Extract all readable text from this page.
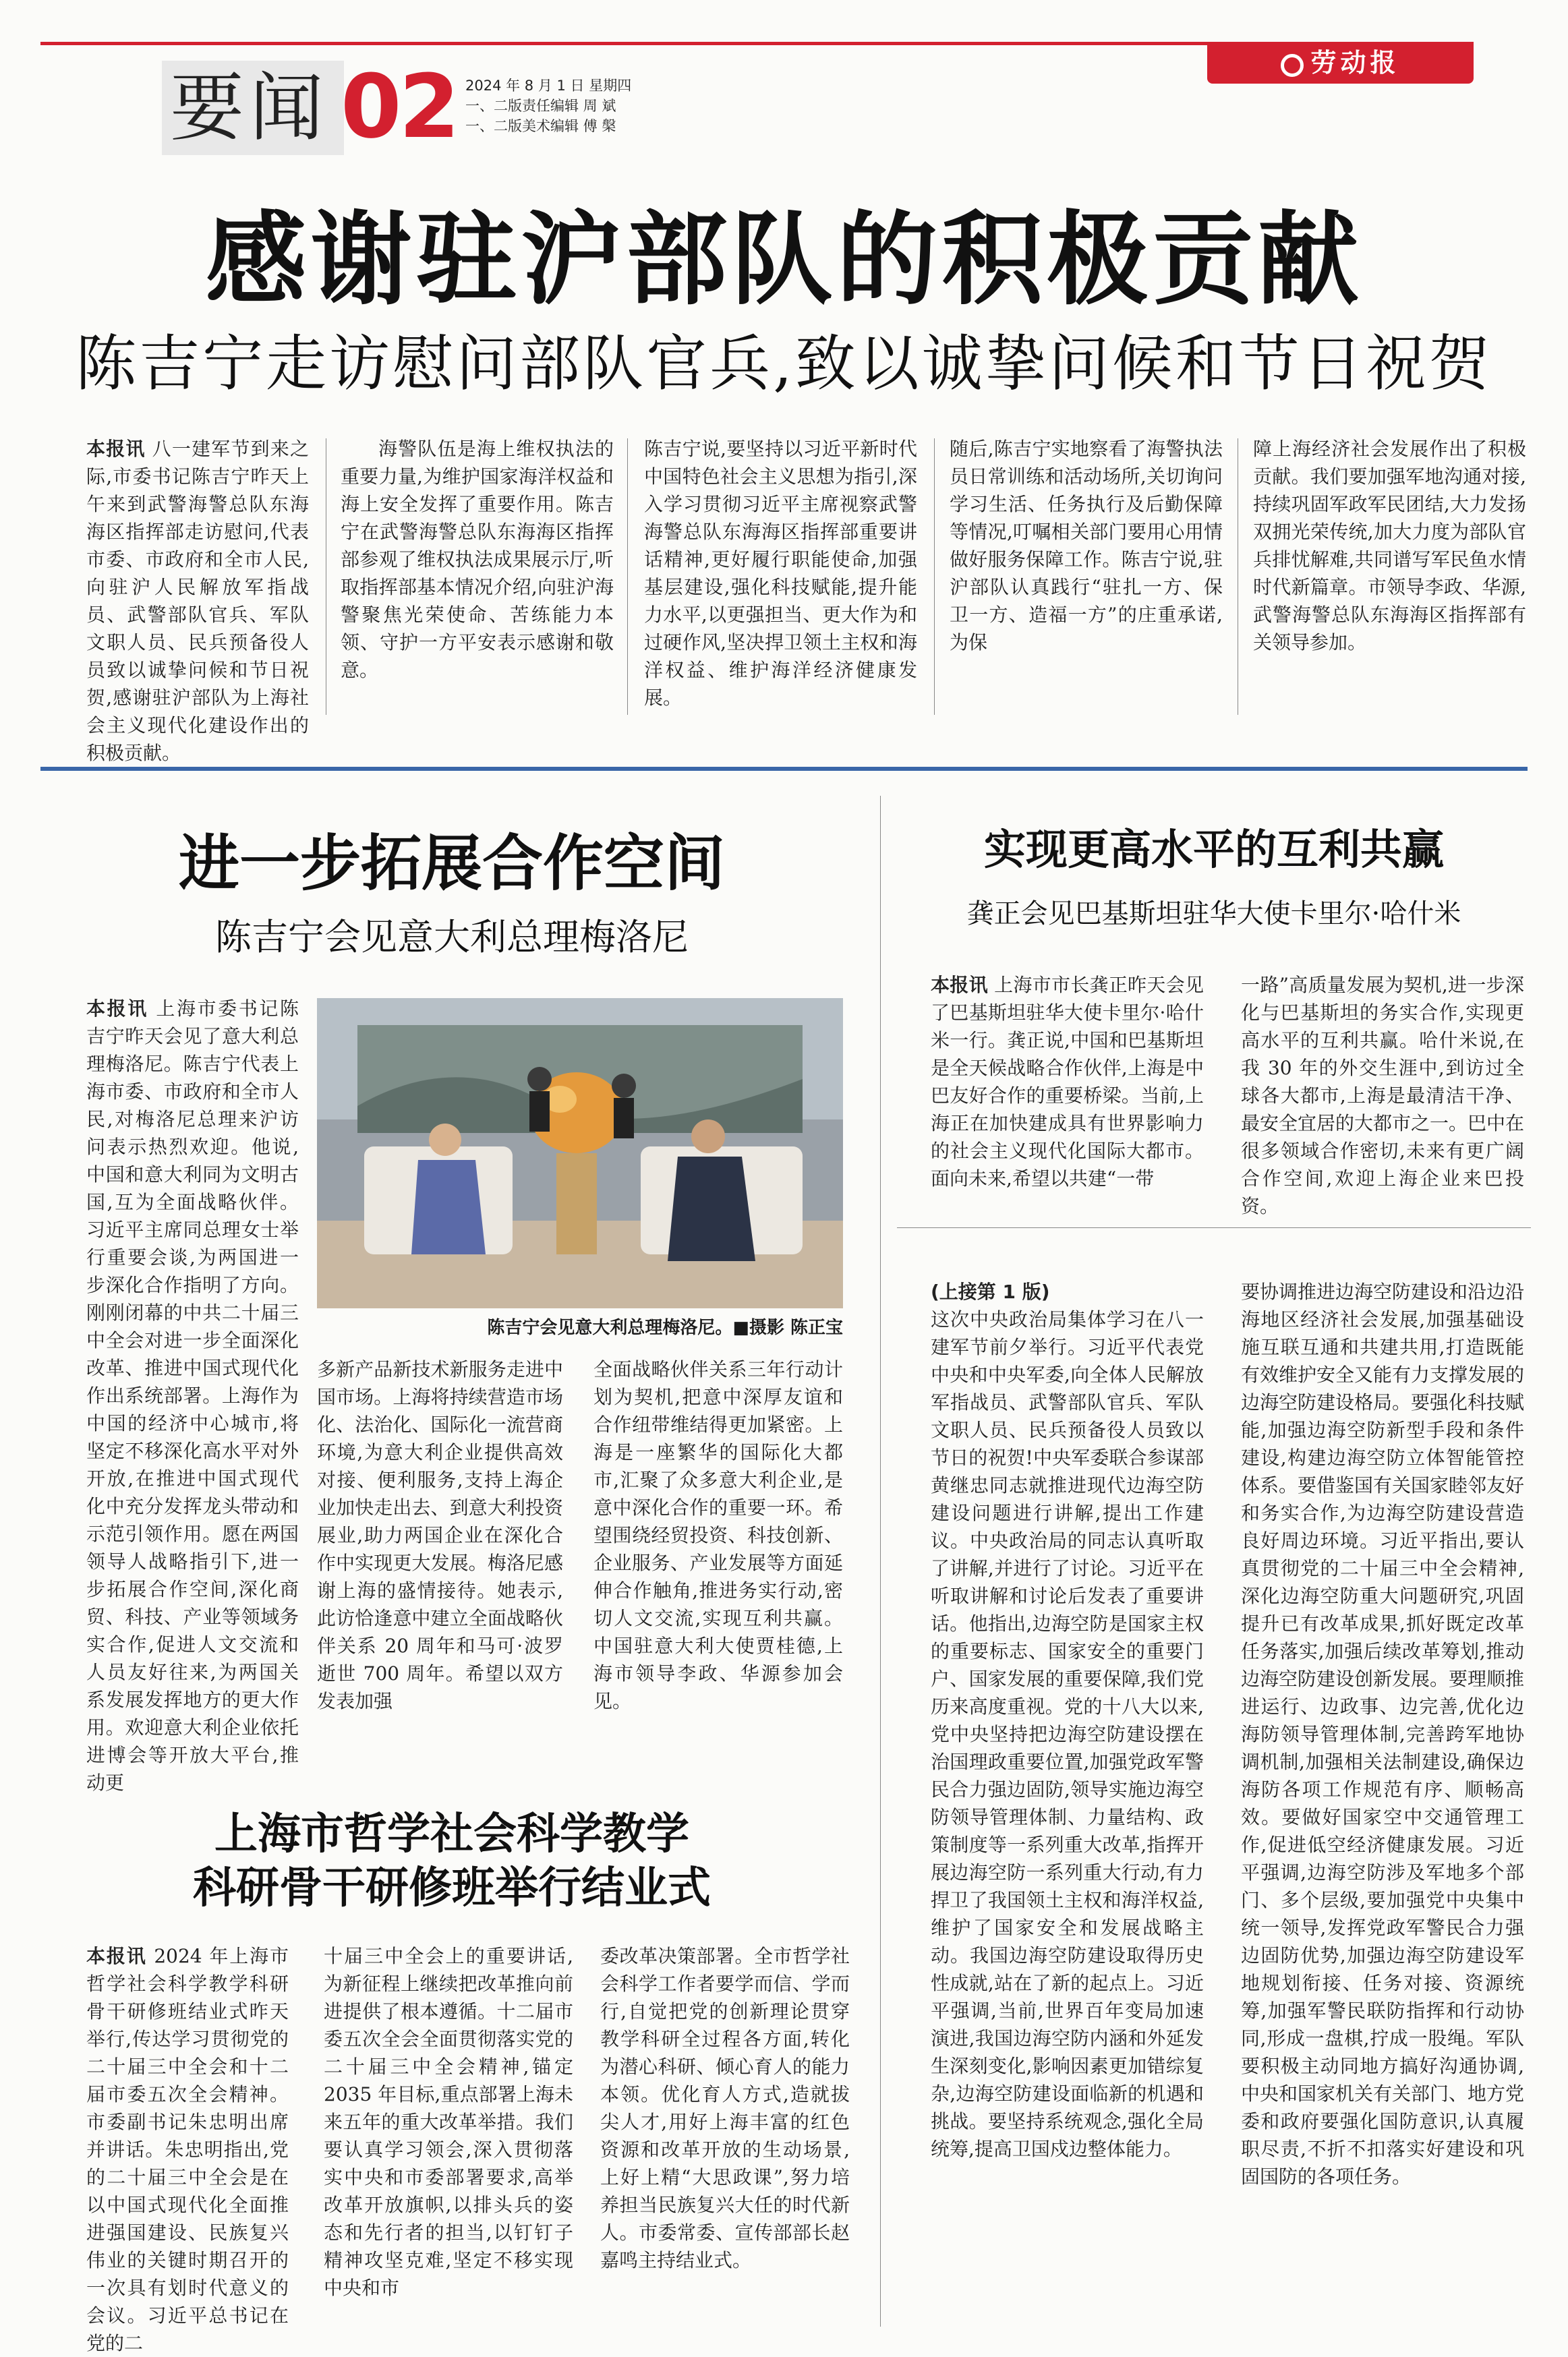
要闻 02 2024 年 8 月 1 日 星期四
一、二版责任编辑 周 斌
一、二版美术编辑 傅 槃
劳动报
感谢驻沪部队的积极贡献
陈吉宁走访慰问部队官兵,致以诚挚问候和节日祝贺
本报讯 八一建军节到来之际,市委书记陈吉宁昨天上午来到武警海警总队东海海区指挥部走访慰问,代表市委、市政府和全市人民,向驻沪人民解放军指战员、武警部队官兵、军队文职人员、民兵预备役人员致以诚挚问候和节日祝贺,感谢驻沪部队为上海社会主义现代化建设作出的积极贡献。
海警队伍是海上维权执法的重要力量,为维护国家海洋权益和海上安全发挥了重要作用。陈吉宁在武警海警总队东海海区指挥部参观了维权执法成果展示厅,听取指挥部基本情况介绍,向驻沪海警聚焦光荣使命、苦练能力本领、守护一方平安表示感谢和敬意。
陈吉宁说,要坚持以习近平新时代中国特色社会主义思想为指引,深入学习贯彻习近平主席视察武警海警总队东海海区指挥部重要讲话精神,更好履行职能使命,加强基层建设,强化科技赋能,提升能力水平,以更强担当、更大作为和过硬作风,坚决捍卫领土主权和海洋权益、维护海洋经济健康发展。
随后,陈吉宁实地察看了海警执法员日常训练和活动场所,关切询问学习生活、任务执行及后勤保障等情况,叮嘱相关部门要用心用情做好服务保障工作。陈吉宁说,驻沪部队认真践行“驻扎一方、保卫一方、造福一方”的庄重承诺,为保
障上海经济社会发展作出了积极贡献。我们要加强军地沟通对接,持续巩固军政军民团结,大力发扬双拥光荣传统,加大力度为部队官兵排忧解难,共同谱写军民鱼水情时代新篇章。市领导李政、华源,武警海警总队东海海区指挥部有关领导参加。
进一步拓展合作空间
陈吉宁会见意大利总理梅洛尼
本报讯 上海市委书记陈吉宁昨天会见了意大利总理梅洛尼。陈吉宁代表上海市委、市政府和全市人民,对梅洛尼总理来沪访问表示热烈欢迎。他说,中国和意大利同为文明古国,互为全面战略伙伴。习近平主席同总理女士举行重要会谈,为两国进一步深化合作指明了方向。刚刚闭幕的中共二十届三中全会对进一步全面深化改革、推进中国式现代化作出系统部署。上海作为中国的经济中心城市,将坚定不移深化高水平对外开放,在推进中国式现代化中充分发挥龙头带动和示范引领作用。愿在两国领导人战略指引下,进一步拓展合作空间,深化商贸、科技、产业等领域务实合作,促进人文交流和人员友好往来,为两国关系发展发挥地方的更大作用。欢迎意大利企业依托进博会等开放大平台,推动更
陈吉宁会见意大利总理梅洛尼。■摄影 陈正宝
多新产品新技术新服务走进中国市场。上海将持续营造市场化、法治化、国际化一流营商环境,为意大利企业提供高效对接、便利服务,支持上海企业加快走出去、到意大利投资展业,助力两国企业在深化合作中实现更大发展。梅洛尼感谢上海的盛情接待。她表示,此访恰逢意中建立全面战略伙伴关系 20 周年和马可·波罗逝世 700 周年。希望以双方发表加强
全面战略伙伴关系三年行动计划为契机,把意中深厚友谊和合作纽带维结得更加紧密。上海是一座繁华的国际化大都市,汇聚了众多意大利企业,是意中深化合作的重要一环。希望围绕经贸投资、科技创新、企业服务、产业发展等方面延伸合作触角,推进务实行动,密切人文交流,实现互利共赢。中国驻意大利大使贾桂德,上海市领导李政、华源参加会见。
实现更高水平的互利共赢
龚正会见巴基斯坦驻华大使卡里尔·哈什米
本报讯 上海市市长龚正昨天会见了巴基斯坦驻华大使卡里尔·哈什米一行。龚正说,中国和巴基斯坦是全天候战略合作伙伴,上海是中巴友好合作的重要桥梁。当前,上海正在加快建成具有世界影响力的社会主义现代化国际大都市。面向未来,希望以共建“一带
一路”高质量发展为契机,进一步深化与巴基斯坦的务实合作,实现更高水平的互利共赢。哈什米说,在我 30 年的外交生涯中,到访过全球各大都市,上海是最清洁干净、最安全宜居的大都市之一。巴中在很多领域合作密切,未来有更广阔合作空间,欢迎上海企业来巴投资。
(上接第 1 版)
这次中央政治局集体学习在八一建军节前夕举行。习近平代表党中央和中央军委,向全体人民解放军指战员、武警部队官兵、军队文职人员、民兵预备役人员致以节日的祝贺!中央军委联合参谋部黄继忠同志就推进现代边海空防建设问题进行讲解,提出工作建议。中央政治局的同志认真听取了讲解,并进行了讨论。习近平在听取讲解和讨论后发表了重要讲话。他指出,边海空防是国家主权的重要标志、国家安全的重要门户、国家发展的重要保障,我们党历来高度重视。党的十八大以来,党中央坚持把边海空防建设摆在治国理政重要位置,加强党政军警民合力强边固防,领导实施边海空防领导管理体制、力量结构、政策制度等一系列重大改革,指挥开展边海空防一系列重大行动,有力捍卫了我国领土主权和海洋权益,维护了国家安全和发展战略主动。我国边海空防建设取得历史性成就,站在了新的起点上。习近平强调,当前,世界百年变局加速演进,我国边海空防内涵和外延发生深刻变化,影响因素更加错综复杂,边海空防建设面临新的机遇和挑战。要坚持系统观念,强化全局统筹,提高卫国戍边整体能力。
要协调推进边海空防建设和沿边沿海地区经济社会发展,加强基础设施互联互通和共建共用,打造既能有效维护安全又能有力支撑发展的边海空防建设格局。要强化科技赋能,加强边海空防新型手段和条件建设,构建边海空防立体智能管控体系。要借鉴国有关国家睦邻友好和务实合作,为边海空防建设营造良好周边环境。习近平指出,要认真贯彻党的二十届三中全会精神,深化边海空防重大问题研究,巩固提升已有改革成果,抓好既定改革任务落实,加强后续改革筹划,推动边海空防建设创新发展。要理顺推进运行、边政事、边完善,优化边海防领导管理体制,完善跨军地协调机制,加强相关法制建设,确保边海防各项工作规范有序、顺畅高效。要做好国家空中交通管理工作,促进低空经济健康发展。习近平强调,边海空防涉及军地多个部门、多个层级,要加强党中央集中统一领导,发挥党政军警民合力强边固防优势,加强边海空防建设军地规划衔接、任务对接、资源统筹,加强军警民联防指挥和行动协同,形成一盘棋,拧成一股绳。军队要积极主动同地方搞好沟通协调,中央和国家机关有关部门、地方党委和政府要强化国防意识,认真履职尽责,不折不扣落实好建设和巩固国防的各项任务。
上海市哲学社会科学教学
科研骨干研修班举行结业式
本报讯 2024 年上海市哲学社会科学教学科研骨干研修班结业式昨天举行,传达学习贯彻党的二十届三中全会和十二届市委五次全会精神。市委副书记朱忠明出席并讲话。朱忠明指出,党的二十届三中全会是在以中国式现代化全面推进强国建设、民族复兴伟业的关键时期召开的一次具有划时代意义的会议。习近平总书记在党的二
十届三中全会上的重要讲话,为新征程上继续把改革推向前进提供了根本遵循。十二届市委五次全会全面贯彻落实党的二十届三中全会精神,锚定 2035 年目标,重点部署上海未来五年的重大改革举措。我们要认真学习领会,深入贯彻落实中央和市委部署要求,高举改革开放旗帜,以排头兵的姿态和先行者的担当,以钉钉子精神攻坚克难,坚定不移实现中央和市
委改革决策部署。全市哲学社会科学工作者要学而信、学而行,自觉把党的创新理论贯穿教学科研全过程各方面,转化为潜心科研、倾心育人的能力本领。优化育人方式,造就拔尖人才,用好上海丰富的红色资源和改革开放的生动场景,上好上精“大思政课”,努力培养担当民族复兴大任的时代新人。市委常委、宣传部部长赵嘉鸣主持结业式。
